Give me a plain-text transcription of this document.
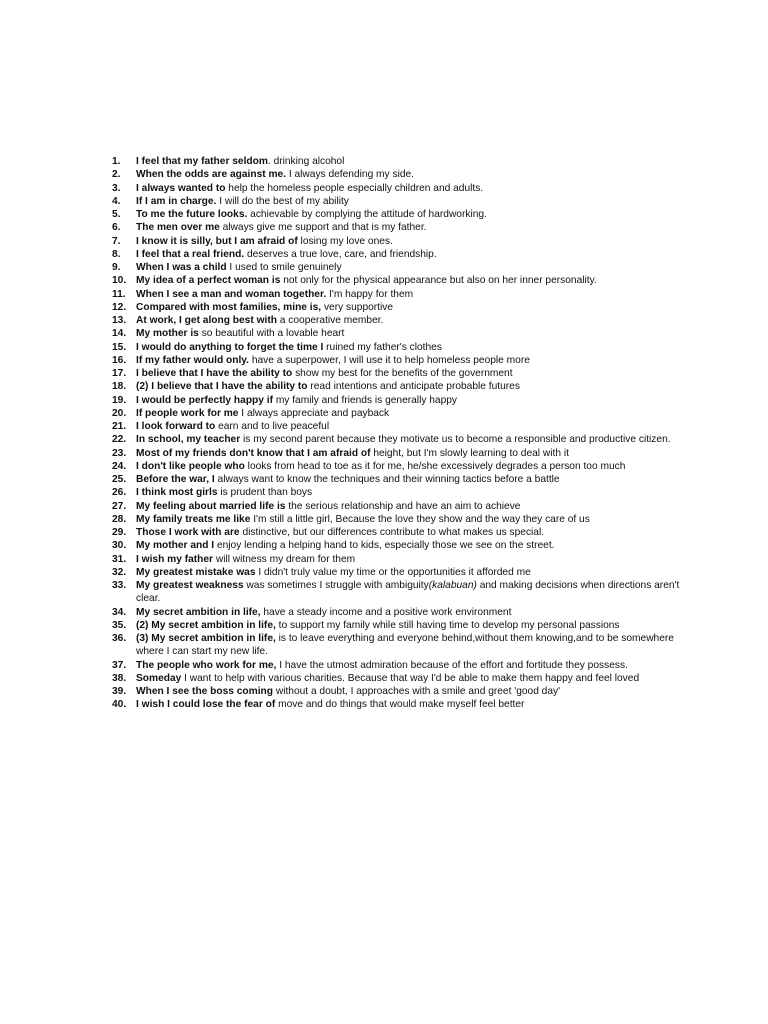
1.	I feel that my father seldom. drinking alcohol
2.	When the odds are against me. I always defending my side.
3.	I always wanted to help the homeless people especially children and adults.
4.	If I am in charge. I will do the best of my ability
5.	To me the future looks. achievable by complying the attitude of hardworking.
6.	The men over me always give me support and that is my father.
7.	I know it is silly, but I am afraid of losing my love ones.
8.	I feel that a real friend. deserves a true love, care, and friendship.
9.	When I was a child I used to smile genuinely
10. My idea of a perfect woman is not only for the physical appearance but also on her inner personality.
11.	When I see a man and woman together. I'm happy for them
12. Compared with most families, mine is, very supportive
13. At work, I get along best with a cooperative member.
14. My mother is so beautiful with a lovable heart
15. I would do anything to forget the time I ruined my father's clothes
16. If my father would only. have a superpower, I will use it to help homeless people more
17. I believe that I have the ability to show my best for the benefits of the government
18. (2) I believe that I have the ability to read intentions and anticipate probable futures
19. I would be perfectly happy if my family and friends is generally happy
20. If people work for me I always appreciate and payback
21. I look forward to earn and to live peaceful
22. In school, my teacher is my second parent because they motivate us to become a responsible and productive citizen.
23. Most of my friends don't know that I am afraid of height, but I'm slowly learning to deal with it
24. I don't like people who looks from head to toe as it for me, he/she excessively degrades a person too much
25. Before the war, I always want to know the techniques and their winning tactics before a battle
26. I think most girls is prudent than boys
27. My feeling about married life is the serious relationship and have an aim to achieve
28. My family treats me like I'm still a little girl, Because the love they show and the way they care of us
29. Those I work with are distinctive, but our differences contribute to what makes us special.
30. My mother and I enjoy lending a helping hand to kids, especially those we see on the street.
31. I wish my father will witness my dream for them
32. My greatest mistake was I didn't truly value my time or the opportunities it afforded me
33. My greatest weakness was sometimes I struggle with ambiguity(kalabuan) and making decisions when directions aren't clear.
34. My secret ambition in life, have a steady income and a positive work environment
35. (2) My secret ambition in life, to support my family while still having time to develop my personal passions
36. (3) My secret ambition in life, is to leave everything and everyone behind,without them knowing,and to be somewhere where I can start my new life.
37. The people who work for me, I have the utmost admiration because of the effort and fortitude they possess.
38. Someday I want to help with various charities. Because that way I'd be able to make them happy and feel loved
39. When I see the boss coming without a doubt, I approaches with a smile and greet 'good day'
40. I wish I could lose the fear of move and do things that would make myself feel better
